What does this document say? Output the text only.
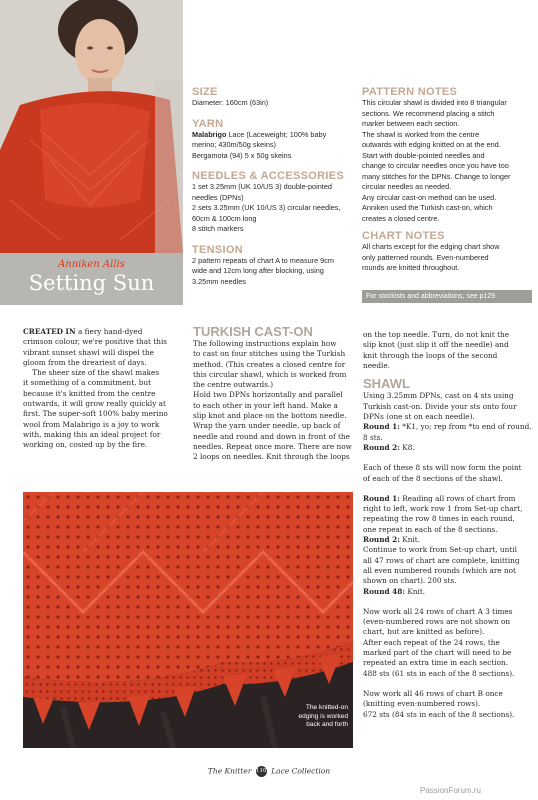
Anniken Allis
Setting Sun

SIZE

Diameter: 160cm (63in)

YARN

Malabrigo Lace (Laceweight; 100% baby

merino; 430m/50g skeins)

Bergamota (94) 5 x 50g skeins

NEEDLES & ACCESSORIES

1 set 3.25mm (UK 10/US 3) double-pointed

needles (DPNs)

2 sets 3.25mm (UK 10/US 3) circular needles,

60cm & 100cm long

8 stitch markers

TENSION

2 pattern repeats of chart A to measure 9cm

wide and 12cm long after blocking, using

3.25mm needles

PATTERN NOTES

This circular shawl is divided into 8 triangular

sections. We recommend placing a stitch

marker between each section.

The shawl is worked from the centre

outwards with edging knitted on at the end.

Start with double-pointed needles and

change to circular needles once you have too

many stitches for the DPNs. Change to longer

circular needles as needed.

Any circular cast-on method can be used.

Anniken used the Turkish cast-on, which

creates a closed centre.

CHART NOTES

All charts except for the edging chart show

only patterned rounds. Even-numbered

rounds are knitted throughout.

For stockists and abbreviations, see p129

CREATED IN a fiery hand-dyed

crimson colour, we're positive that this

vibrant sunset shawl will dispel the

gloom from the dreariest of days.

The sheer size of the shawl makes

it something of a commitment, but

because it's knitted from the centre

outwards, it will grow really quickly at

first. The super-soft 100% baby merino

wool from Malabrigo is a joy to work

with, making this an ideal project for

working on, cosied up by the fire.

TURKISH CAST-ON

The following instructions explain how

to cast on four stitches using the Turkish

method. (This creates a closed centre for

this circular shawl, which is worked from

the centre outwards.)

Hold two DPNs horizontally and parallel

to each other in your left hand. Make a

slip knot and place on the bottom needle.

Wrap the yarn under needle, up back of

needle and round and down in front of the

needles. Repeat once more. There are now

2 loops on needles. Knit through the loops

on the top needle. Turn, do not knit the

slip knot (just slip it off the needle) and

knit through the loops of the second

needle.

SHAWL

Using 3.25mm DPNs, cast on 4 sts using

Turkish cast-on. Divide your sts onto four

DPNs (one st on each needle).

Round 1: *K1, yo; rep from *to end of round.

8 sts.

Round 2: K8.

Each of these 8 sts will now form the point

of each of the 8 sections of the shawl.

Round 1: Reading all rows of chart from

right to left, work row 1 from Set-up chart,

repeating the row 8 times in each round,

one repeat in each of the 8 sections.

Round 2: Knit.

Continue to work from Set-up chart, until

all 47 rows of chart are complete, knitting

all even numbered rounds (which are not

shown on chart). 200 sts.

Round 48: Knit.

Now work all 24 rows of chart A 3 times

(even-numbered rows are not shown on

chart, but are knitted as before).

After each repeat of the 24 rows, the

marked part of the chart will need to be

repeated an extra time in each section.

488 sts (61 sts in each of the 8 sections).

Now work all 46 rows of chart B once

(knitting even-numbered rows).

672 sts (84 sts in each of the 8 sections).

The knitted-on
edging is worked
back and forth
The Knitter 110 Lace Collection
PassionForum.ru
